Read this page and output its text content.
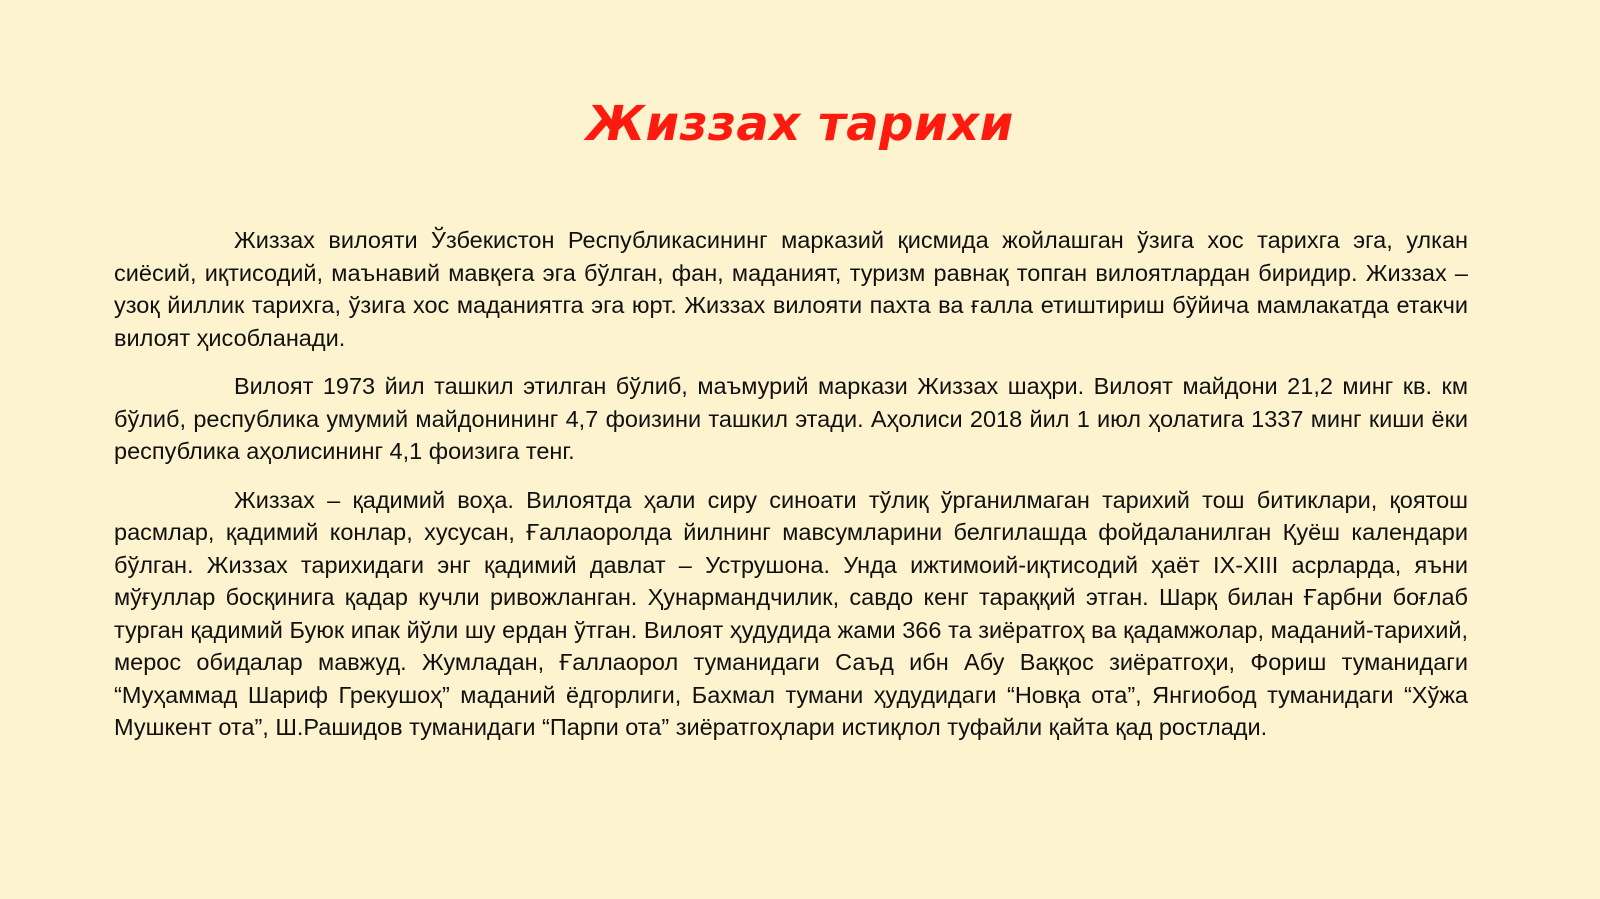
Жиззах тарихи

Жиззах вилояти Ўзбекистон Республикасининг марказий қисмида жойлашган ўзига хос тарихга эга, улкан сиёсий, иқтисодий, маънавий мавқега эга бўлган, фан, маданият, туризм равнақ топган вилоятлардан биридир. Жиззах – узоқ йиллик тарихга, ўзига хос маданиятга эга юрт. Жиззах вилояти пахта ва ғалла етиштириш бўйича мамлакатда етакчи вилоят ҳисобланади.

Вилоят 1973 йил ташкил этилган бўлиб, маъмурий маркази Жиззах шаҳри. Вилоят майдони 21,2 минг кв. км бўлиб, республика умумий майдонининг 4,7 фоизини ташкил этади. Аҳолиси 2018 йил 1 июл ҳолатига 1337 минг киши ёки республика аҳолисининг 4,1 фоизига тенг.

Жиззах – қадимий воҳа. Вилоятда ҳали сиру синоати тўлиқ ўрганилмаган тарихий тош битиклари, қоятош расмлар, қадимий конлар, хусусан, Ғаллаоролда йилнинг мавсумларини белгилашда фойдаланилган Қуёш календари бўлган. Жиззах тарихидаги энг қадимий давлат – Уструшона. Унда ижтимоий-иқтисодий ҳаёт IX-XIII асрларда, яъни мўғуллар босқинига қадар кучли ривожланган. Ҳунармандчилик, савдо кенг тараққий этган. Шарқ билан Ғарбни боғлаб турган қадимий Буюк ипак йўли шу ердан ўтган. Вилоят ҳудудида жами 366 та зиёратгоҳ ва қадамжолар, маданий-тарихий, мерос обидалар мавжуд. Жумладан, Ғаллаорол туманидаги Саъд ибн Абу Ваққос зиёратгоҳи, Фориш туманидаги “Муҳаммад Шариф Грекушоҳ” маданий ёдгорлиги, Бахмал тумани ҳудудидаги “Новқа ота”, Янгиобод туманидаги “Хўжа Мушкент ота”, Ш.Рашидов туманидаги “Парпи ота” зиёратгоҳлари истиқлол туфайли қайта қад ростлади.
